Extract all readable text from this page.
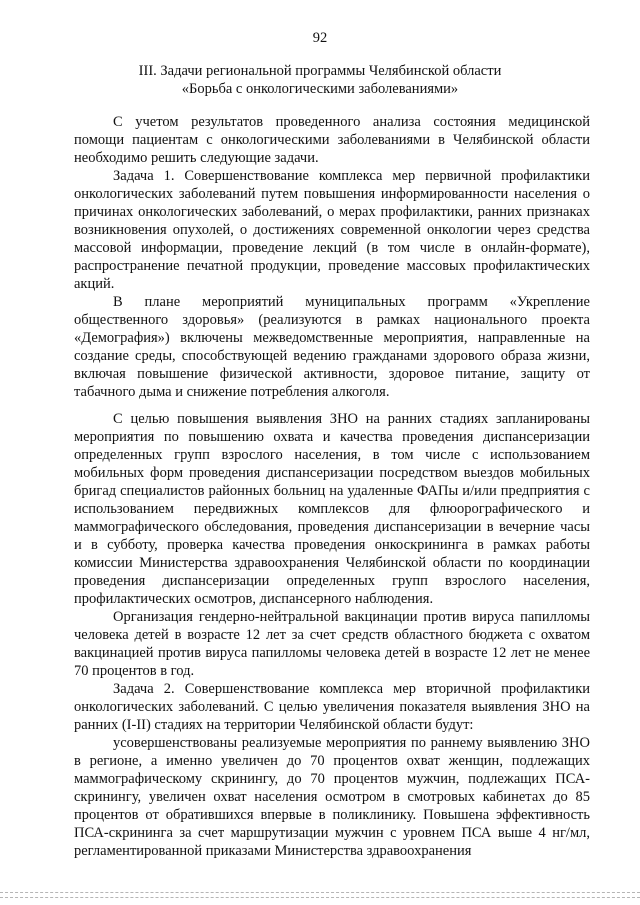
92
III. Задачи региональной программы Челябинской области
«Борьба с онкологическими заболеваниями»

С учетом результатов проведенного анализа состояния медицинской помощи пациентам с онкологическими заболеваниями в Челябинской области необходимо решить следующие задачи.

Задача 1. Совершенствование комплекса мер первичной профилактики онкологических заболеваний путем повышения информированности населения о причинах онкологических заболеваний, о мерах профилактики, ранних признаках возникновения опухолей, о достижениях современной онкологии через средства массовой информации, проведение лекций (в том числе в онлайн-формате), распространение печатной продукции, проведение массовых профилактических акций.

В плане мероприятий муниципальных программ «Укрепление общественного здоровья» (реализуются в рамках национального проекта «Демография») включены межведомственные мероприятия, направленные на создание среды, способствующей ведению гражданами здорового образа жизни, включая повышение физической активности, здоровое питание, защиту от табачного дыма и снижение потребления алкоголя.

С целью повышения выявления ЗНО на ранних стадиях запланированы мероприятия по повышению охвата и качества проведения диспансеризации определенных групп взрослого населения, в том числе с использованием мобильных форм проведения диспансеризации посредством выездов мобильных бригад специалистов районных больниц на удаленные ФАПы и/или предприятия с использованием передвижных комплексов для флюорографического и маммографического обследования, проведения диспансеризации в вечерние часы и в субботу, проверка качества проведения онкоскрининга в рамках работы комиссии Министерства здравоохранения Челябинской области по координации проведения диспансеризации определенных групп взрослого населения, профилактических осмотров, диспансерного наблюдения.

Организация гендерно-нейтральной вакцинации против вируса папилломы человека детей в возрасте 12 лет за счет средств областного бюджета с охватом вакцинацией против вируса папилломы человека детей в возрасте 12 лет не менее 70 процентов в год.

Задача 2. Совершенствование комплекса мер вторичной профилактики онкологических заболеваний. С целью увеличения показателя выявления ЗНО на ранних (I-II) стадиях на территории Челябинской области будут:

усовершенствованы реализуемые мероприятия по раннему выявлению ЗНО в регионе, а именно увеличен до 70 процентов охват женщин, подлежащих маммографическому скринингу, до 70 процентов мужчин, подлежащих ПСА-скринингу, увеличен охват населения осмотром в смотровых кабинетах до 85 процентов от обратившихся впервые в поликлинику. Повышена эффективность ПСА-скрининга за счет маршрутизации мужчин с уровнем ПСА выше 4 нг/мл, регламентированной приказами Министерства здравоохранения
